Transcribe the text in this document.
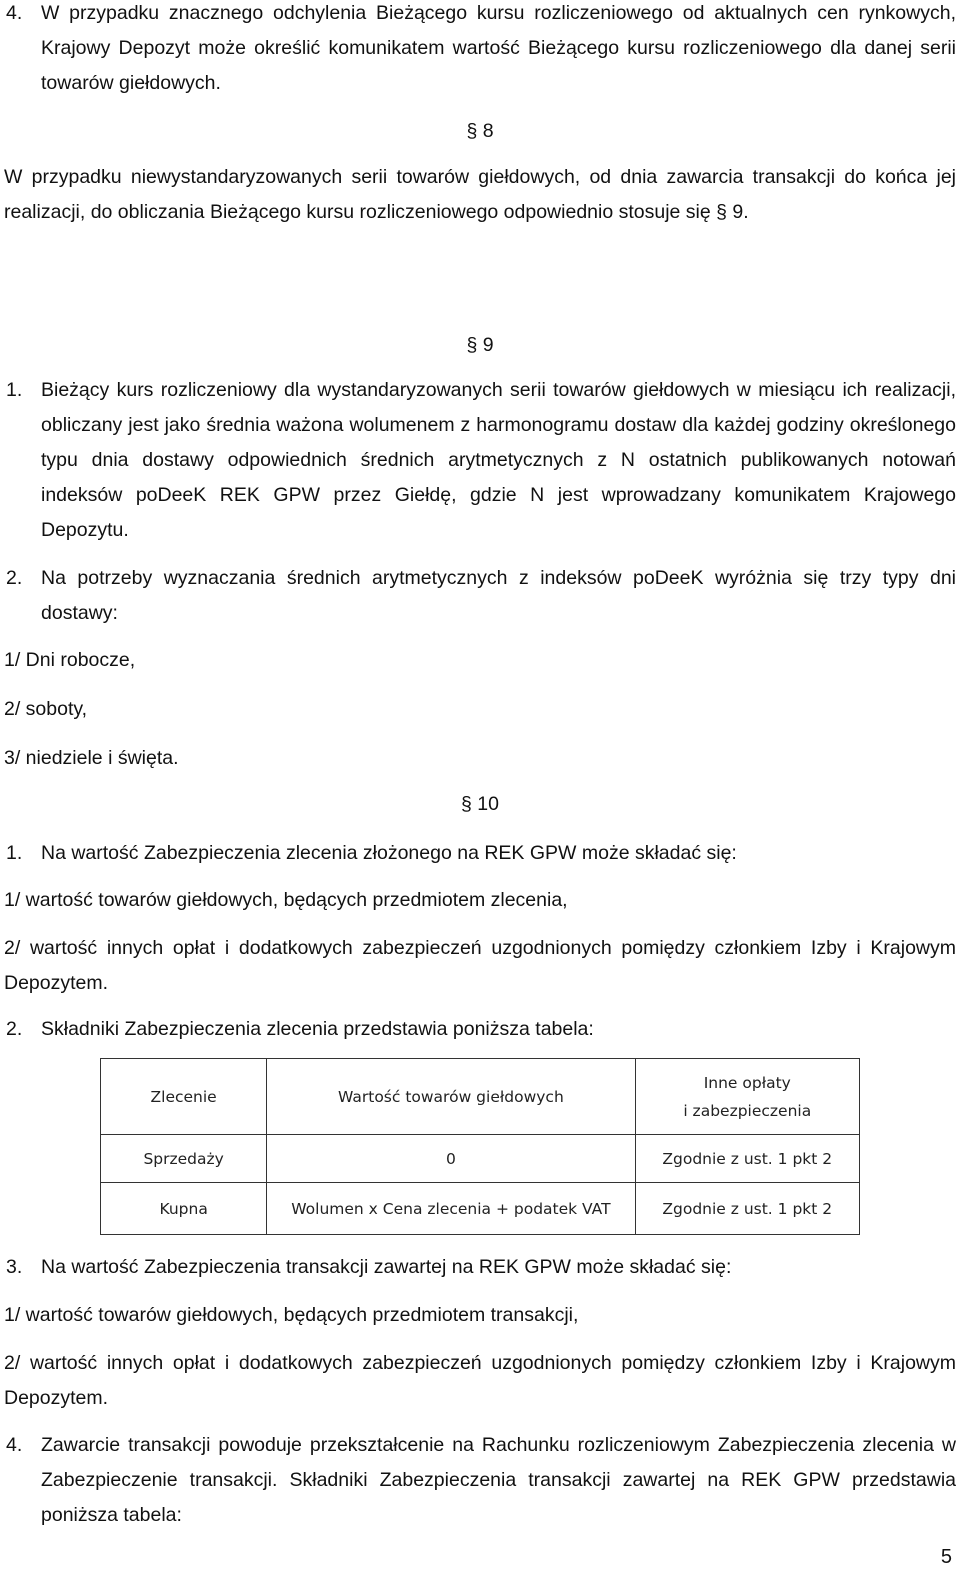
4. W przypadku znacznego odchylenia Bieżącego kursu rozliczeniowego od aktualnych cen rynkowych, Krajowy Depozyt może określić komunikatem wartość Bieżącego kursu rozliczeniowego dla danej serii towarów giełdowych.
§ 8
W przypadku niewystandaryzowanych serii towarów giełdowych, od dnia zawarcia transakcji do końca jej realizacji, do obliczania Bieżącego kursu rozliczeniowego odpowiednio stosuje się § 9.
§ 9
1. Bieżący kurs rozliczeniowy dla wystandaryzowanych serii towarów giełdowych w miesiącu ich realizacji, obliczany jest jako średnia ważona wolumenem z harmonogramu dostaw dla każdej godziny określonego typu dnia dostawy odpowiednich średnich arytmetycznych z N ostatnich publikowanych notowań indeksów poDeeK REK GPW przez Giełdę, gdzie N jest wprowadzany komunikatem Krajowego Depozytu.
2. Na potrzeby wyznaczania średnich arytmetycznych z indeksów poDeeK wyróżnia się trzy typy dni dostawy:
1/ Dni robocze,
2/ soboty,
3/ niedziele i święta.
§ 10
1. Na wartość Zabezpieczenia zlecenia złożonego na REK GPW może składać się:
1/ wartość towarów giełdowych, będących przedmiotem zlecenia,
2/ wartość innych opłat i dodatkowych zabezpieczeń uzgodnionych pomiędzy członkiem Izby i Krajowym Depozytem.
2. Składniki Zabezpieczenia zlecenia przedstawia poniższa tabela:
Zlecenie	Wartość towarów giełdowych	Inne opłaty
i zabezpieczenia

Sprzedaży	0	Zgodnie z ust. 1 pkt 2
Kupna	Wolumen x Cena zlecenia + podatek VAT	Zgodnie z ust. 1 pkt 2
3. Na wartość Zabezpieczenia transakcji zawartej na REK GPW może składać się:
1/ wartość towarów giełdowych, będących przedmiotem transakcji,
2/ wartość innych opłat i dodatkowych zabezpieczeń uzgodnionych pomiędzy członkiem Izby i Krajowym Depozytem.
4. Zawarcie transakcji powoduje przekształcenie na Rachunku rozliczeniowym Zabezpieczenia zlecenia w Zabezpieczenie transakcji. Składniki Zabezpieczenia transakcji zawartej na REK GPW przedstawia poniższa tabela:
5
